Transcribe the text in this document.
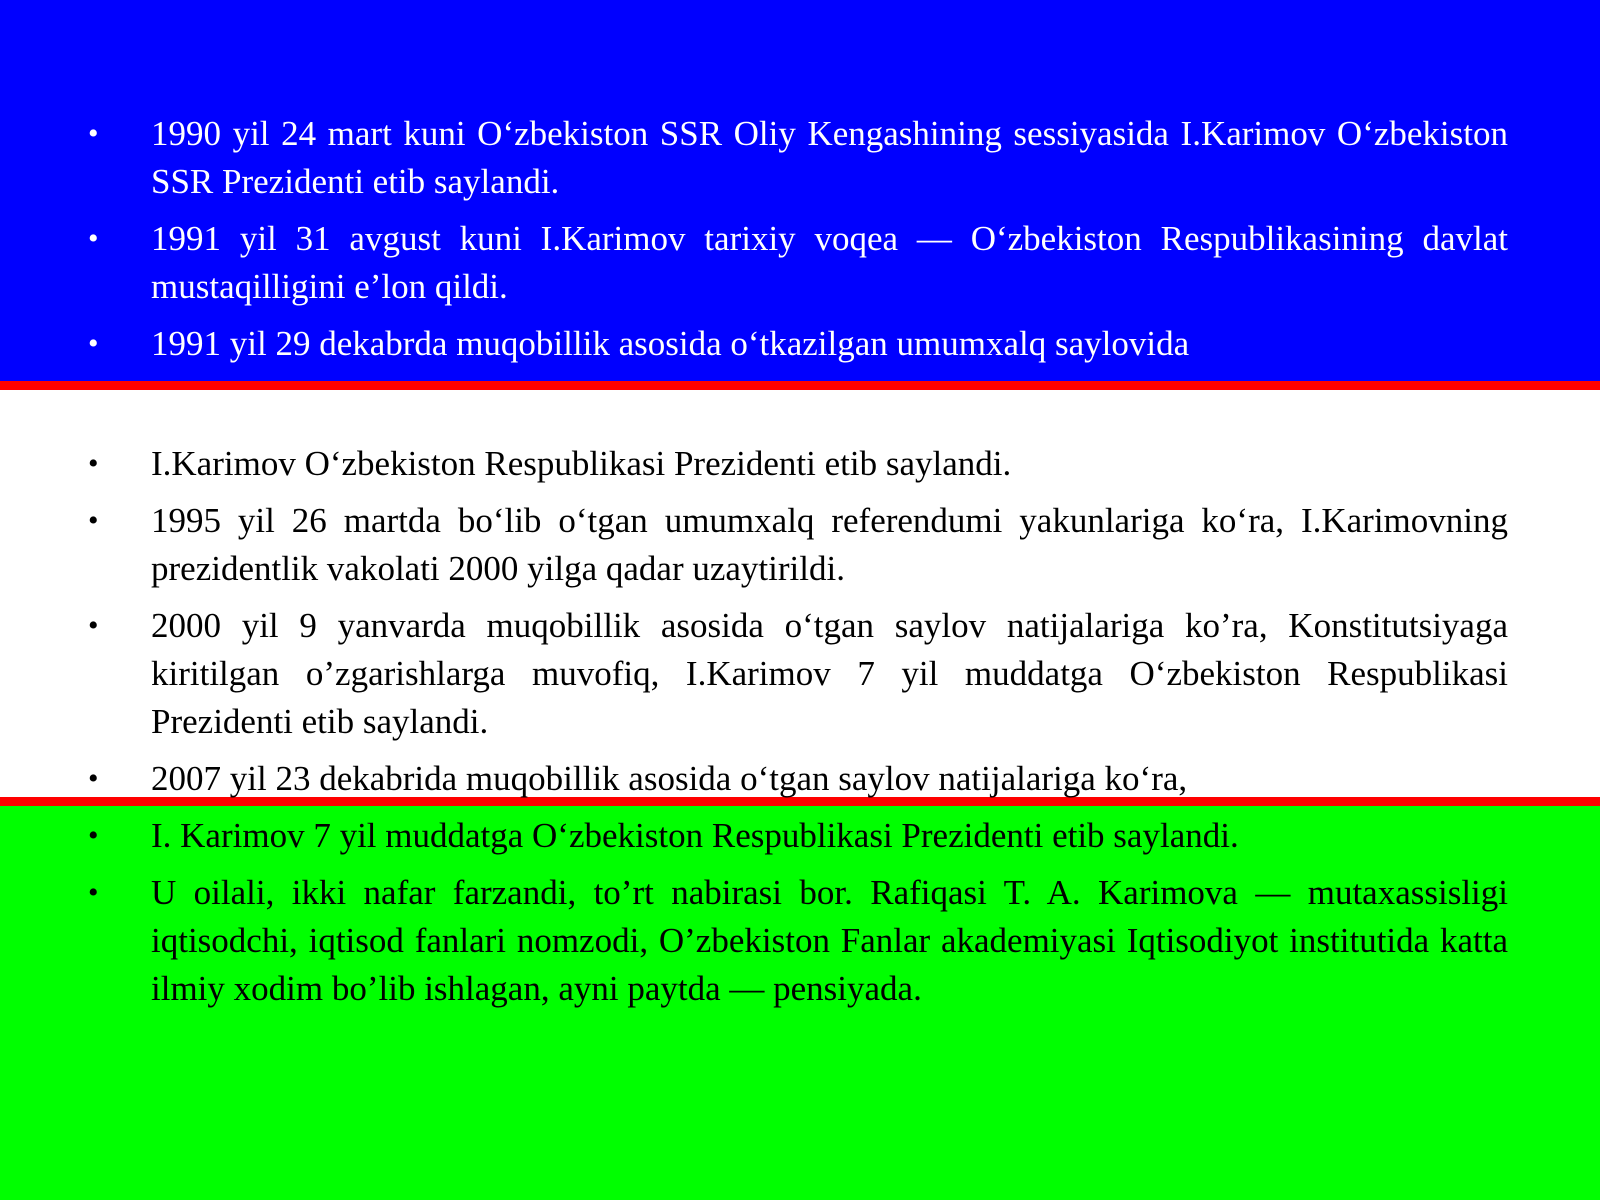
• 1990 yil 24 mart kuni O‘zbekiston SSR Oliy Kengashining sessiyasida I.Karimov O‘zbekiston SSR Prezidenti etib saylandi.
• 1991 yil 31 avgust kuni I.Karimov tarixiy voqea — O‘zbekiston Respublikasining davlat mustaqilligini e’lon qildi.
• 1991 yil 29 dekabrda muqobillik asosida o‘tkazilgan umumxalq saylovida
• I.Karimov O‘zbekiston Respublikasi Prezidenti etib saylandi.
• 1995 yil 26 martda bo‘lib o‘tgan umumxalq referendumi yakunlariga ko‘ra, I.Karimovning prezidentlik vakolati 2000 yilga qadar uzaytirildi.
• 2000 yil 9 yanvarda muqobillik asosida o‘tgan saylov natijalariga ko’ra, Konstitutsiyaga kiritilgan o’zgarishlarga muvofiq, I.Karimov 7 yil muddatga O‘zbekiston Respublikasi Prezidenti etib saylandi.
• 2007 yil 23 dekabrida muqobillik asosida o‘tgan saylov natijalariga ko‘ra,
• I. Karimov 7 yil muddatga O‘zbekiston Respublikasi Prezidenti etib saylandi.
• U oilali, ikki nafar farzandi, to’rt nabirasi bor. Rafiqasi T. A. Karimova — mutaxassisligi iqtisodchi, iqtisod fanlari nomzodi, O’zbekiston Fanlar akademiyasi Iqtisodiyot institutida katta ilmiy xodim bo’lib ishlagan, ayni paytda — pensiyada.
